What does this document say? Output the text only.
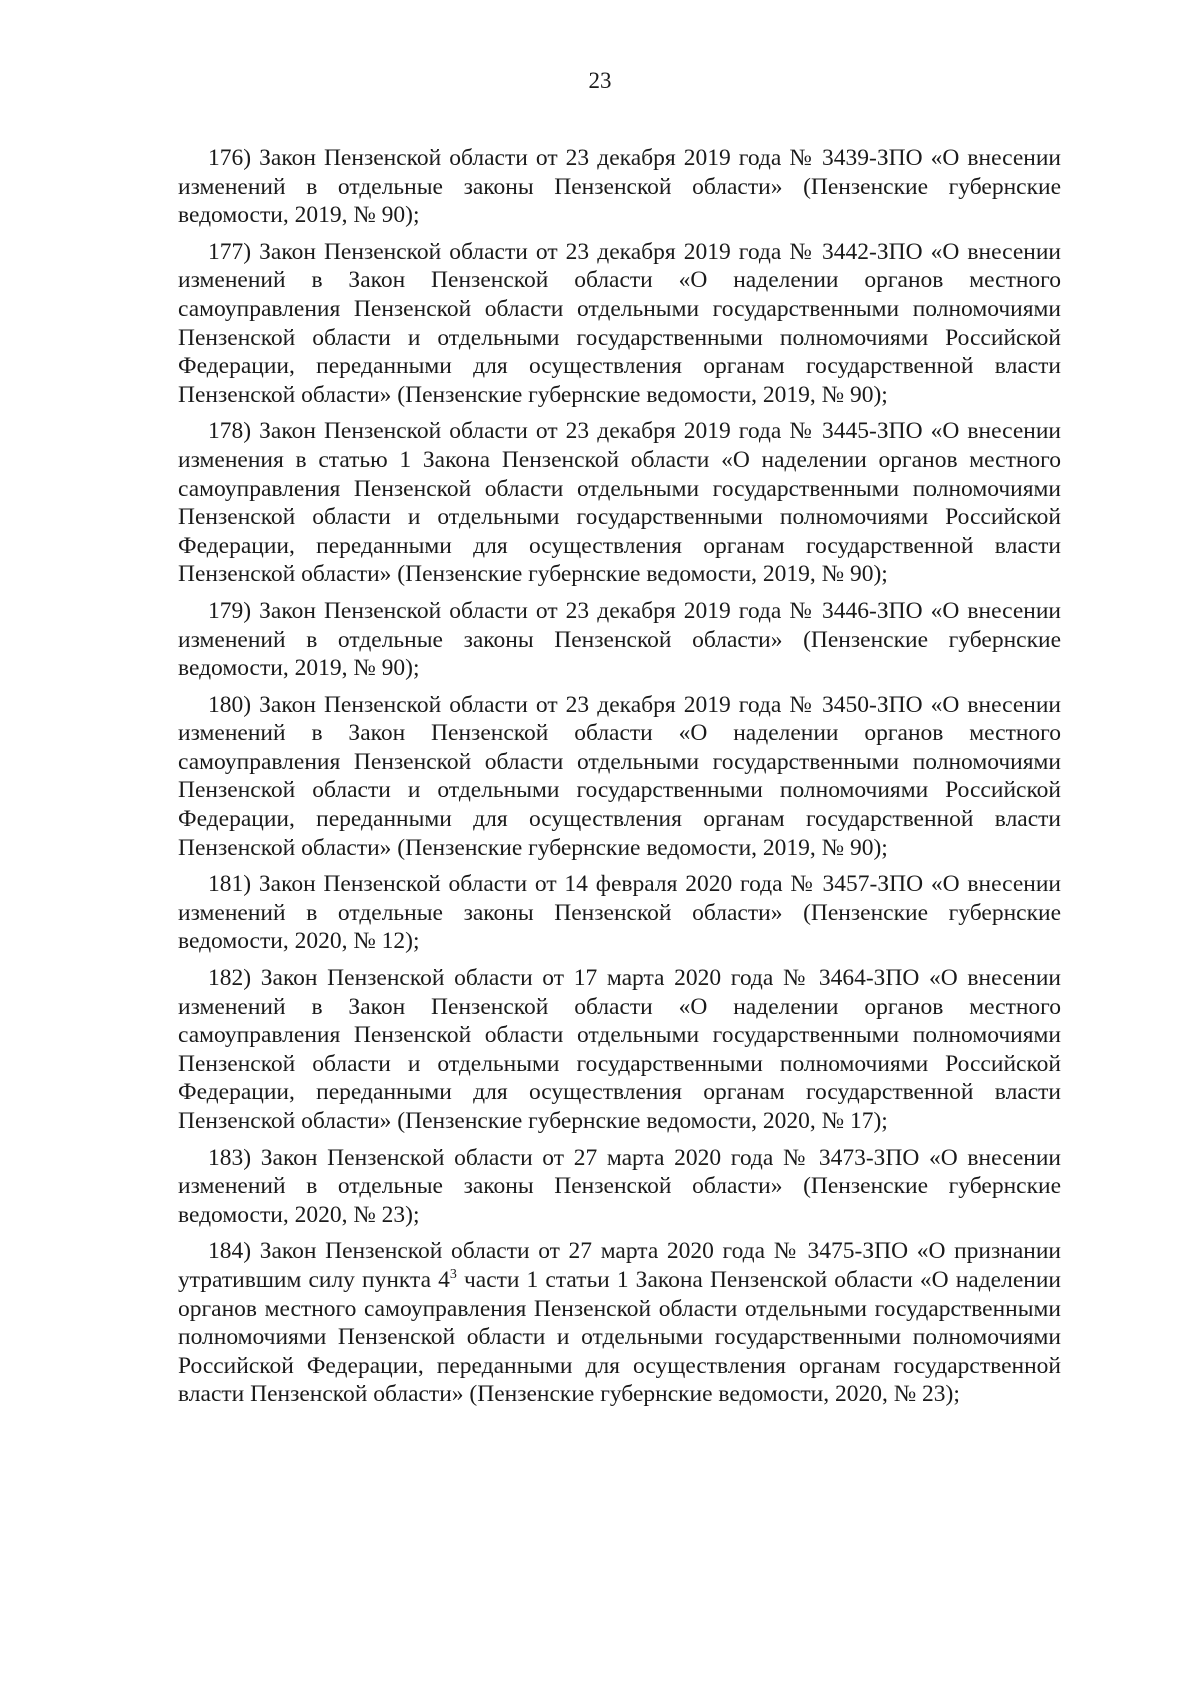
23

176) Закон Пензенской области от 23 декабря 2019 года № 3439-ЗПО «О внесении изменений в отдельные законы Пензенской области» (Пензенские губернские ведомости, 2019, № 90);

177) Закон Пензенской области от 23 декабря 2019 года № 3442-ЗПО «О внесении изменений в Закон Пензенской области «О наделении органов местного самоуправления Пензенской области отдельными государственными полномочиями Пензенской области и отдельными государственными полномочиями Российской Федерации, переданными для осуществления органам государственной власти Пензенской области» (Пензенские губернские ведомости, 2019, № 90);

178) Закон Пензенской области от 23 декабря 2019 года № 3445-ЗПО «О внесении изменения в статью 1 Закона Пензенской области «О наделении органов местного самоуправления Пензенской области отдельными государственными полномочиями Пензенской области и отдельными государственными полномочиями Российской Федерации, переданными для осуществления органам государственной власти Пензенской области» (Пензенские губернские ведомости, 2019, № 90);

179) Закон Пензенской области от 23 декабря 2019 года № 3446-ЗПО «О внесении изменений в отдельные законы Пензенской области» (Пензенские губернские ведомости, 2019, № 90);

180) Закон Пензенской области от 23 декабря 2019 года № 3450-ЗПО «О внесении изменений в Закон Пензенской области «О наделении органов местного самоуправления Пензенской области отдельными государственными полномочиями Пензенской области и отдельными государственными полномочиями Российской Федерации, переданными для осуществления органам государственной власти Пензенской области» (Пензенские губернские ведомости, 2019, № 90);

181) Закон Пензенской области от 14 февраля 2020 года № 3457-ЗПО «О внесении изменений в отдельные законы Пензенской области» (Пензенские губернские ведомости, 2020, № 12);

182) Закон Пензенской области от 17 марта 2020 года № 3464-ЗПО «О внесении изменений в Закон Пензенской области «О наделении органов местного самоуправления Пензенской области отдельными государственными полномочиями Пензенской области и отдельными государственными полномочиями Российской Федерации, переданными для осуществления органам государственной власти Пензенской области» (Пензенские губернские ведомости, 2020, № 17);

183) Закон Пензенской области от 27 марта 2020 года № 3473-ЗПО «О внесении изменений в отдельные законы Пензенской области» (Пензенские губернские ведомости, 2020, № 23);

184) Закон Пензенской области от 27 марта 2020 года № 3475-ЗПО «О признании утратившим силу пункта $4^3$ части 1 статьи 1 Закона Пензенской области «О наделении органов местного самоуправления Пензенской области отдельными государственными полномочиями Пензенской области и отдельными государственными полномочиями Российской Федерации, переданными для осуществления органам государственной власти Пензенской области» (Пензенские губернские ведомости, 2020, № 23);
